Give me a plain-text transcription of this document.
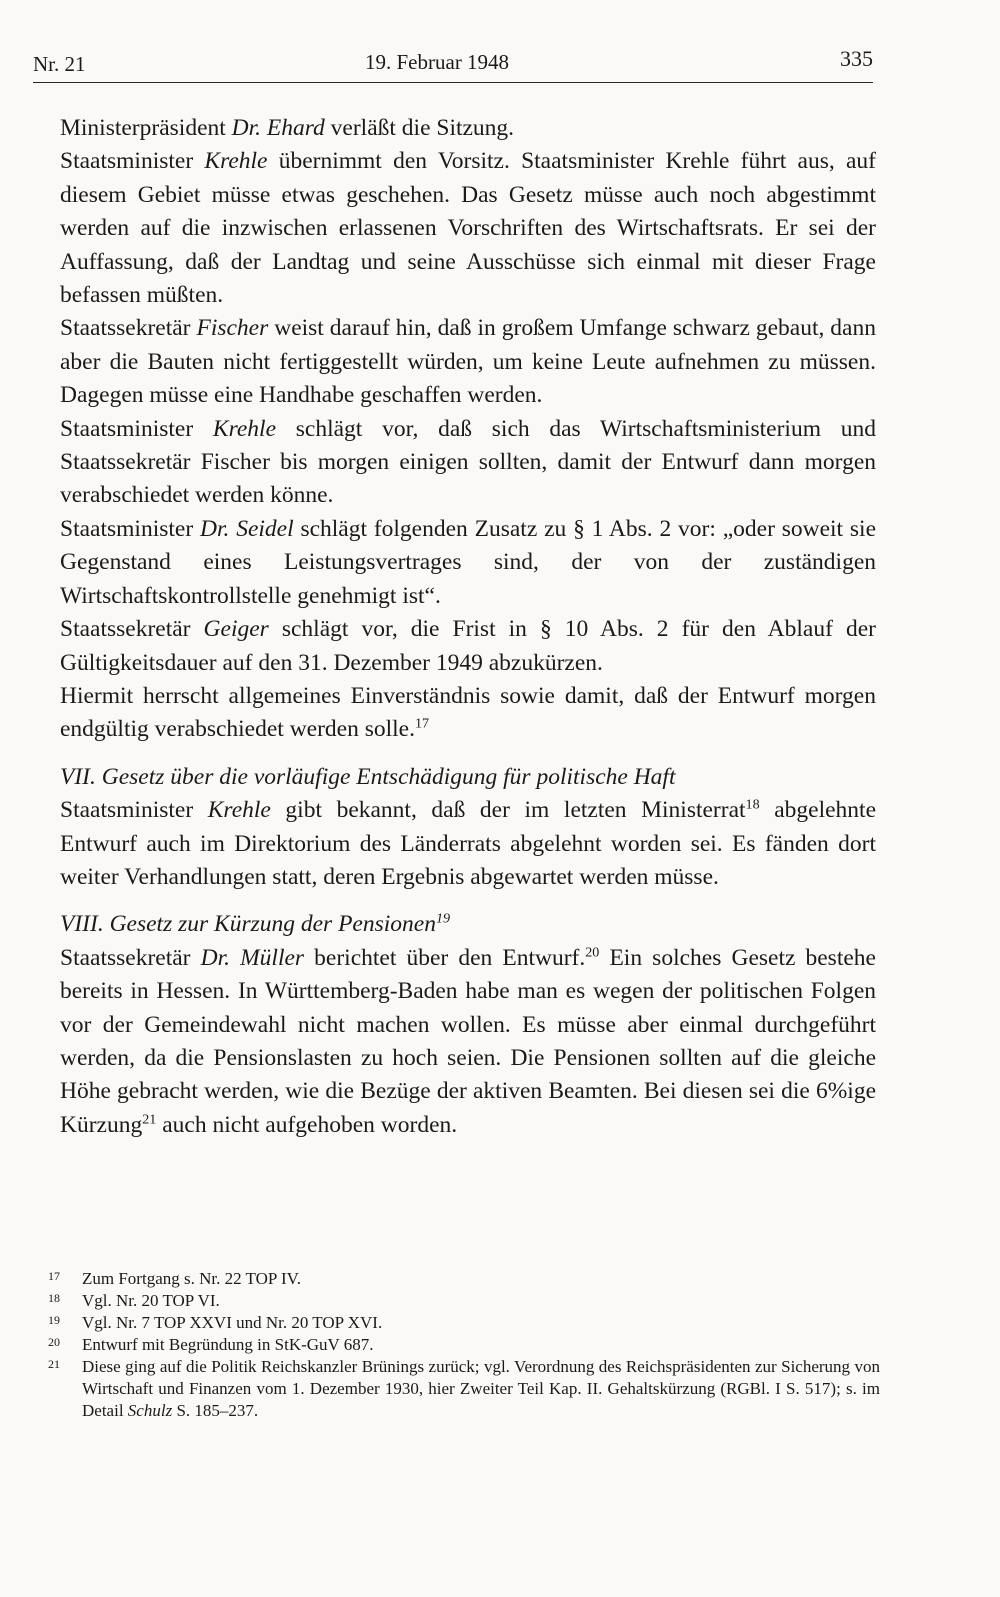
Nr. 21	19. Februar 1948	335

Ministerpräsident Dr. Ehard verläßt die Sitzung.

Staatsminister Krehle übernimmt den Vorsitz. Staatsminister Krehle führt aus, auf diesem Gebiet müsse etwas geschehen. Das Gesetz müsse auch noch abgestimmt werden auf die inzwischen erlassenen Vorschriften des Wirtschaftsrats. Er sei der Auffassung, daß der Landtag und seine Ausschüsse sich einmal mit dieser Frage befassen müßten.

Staatssekretär Fischer weist darauf hin, daß in großem Umfange schwarz gebaut, dann aber die Bauten nicht fertiggestellt würden, um keine Leute aufnehmen zu müssen. Dagegen müsse eine Handhabe geschaffen werden.

Staatsminister Krehle schlägt vor, daß sich das Wirtschaftsministerium und Staatssekretär Fischer bis morgen einigen sollten, damit der Entwurf dann morgen verabschiedet werden könne.

Staatsminister Dr. Seidel schlägt folgenden Zusatz zu § 1 Abs. 2 vor: „oder soweit sie Gegenstand eines Leistungsvertrages sind, der von der zuständigen Wirtschaftskontrollstelle genehmigt ist“.

Staatssekretär Geiger schlägt vor, die Frist in § 10 Abs. 2 für den Ablauf der Gültigkeitsdauer auf den 31. Dezember 1949 abzukürzen.

Hiermit herrscht allgemeines Einverständnis sowie damit, daß der Entwurf morgen endgültig verabschiedet werden solle.$^{17}$

VII. Gesetz über die vorläufige Entschädigung für politische Haft

Staatsminister Krehle gibt bekannt, daß der im letzten Ministerrat$^{18}$ abgelehnte Entwurf auch im Direktorium des Länderrats abgelehnt worden sei. Es fänden dort weiter Verhandlungen statt, deren Ergebnis abgewartet werden müsse.

VIII. Gesetz zur Kürzung der Pensionen$^{19}$

Staatssekretär Dr. Müller berichtet über den Entwurf.$^{20}$ Ein solches Gesetz bestehe bereits in Hessen. In Württemberg-Baden habe man es wegen der politischen Folgen vor der Gemeindewahl nicht machen wollen. Es müsse aber einmal durchgeführt werden, da die Pensionslasten zu hoch seien. Die Pensionen sollten auf die gleiche Höhe gebracht werden, wie die Bezüge der aktiven Beamten. Bei diesen sei die 6%ige Kürzung$^{21}$ auch nicht aufgehoben worden.

17 Zum Fortgang s. Nr. 22 TOP IV.
18 Vgl. Nr. 20 TOP VI.
19 Vgl. Nr. 7 TOP XXVI und Nr. 20 TOP XVI.
20 Entwurf mit Begründung in StK-GuV 687.
21 Diese ging auf die Politik Reichskanzler Brünings zurück; vgl. Verordnung des Reichspräsidenten zur Sicherung von Wirtschaft und Finanzen vom 1. Dezember 1930, hier Zweiter Teil Kap. II. Gehaltskürzung (RGBl. I S. 517); s. im Detail Schulz S. 185–237.
